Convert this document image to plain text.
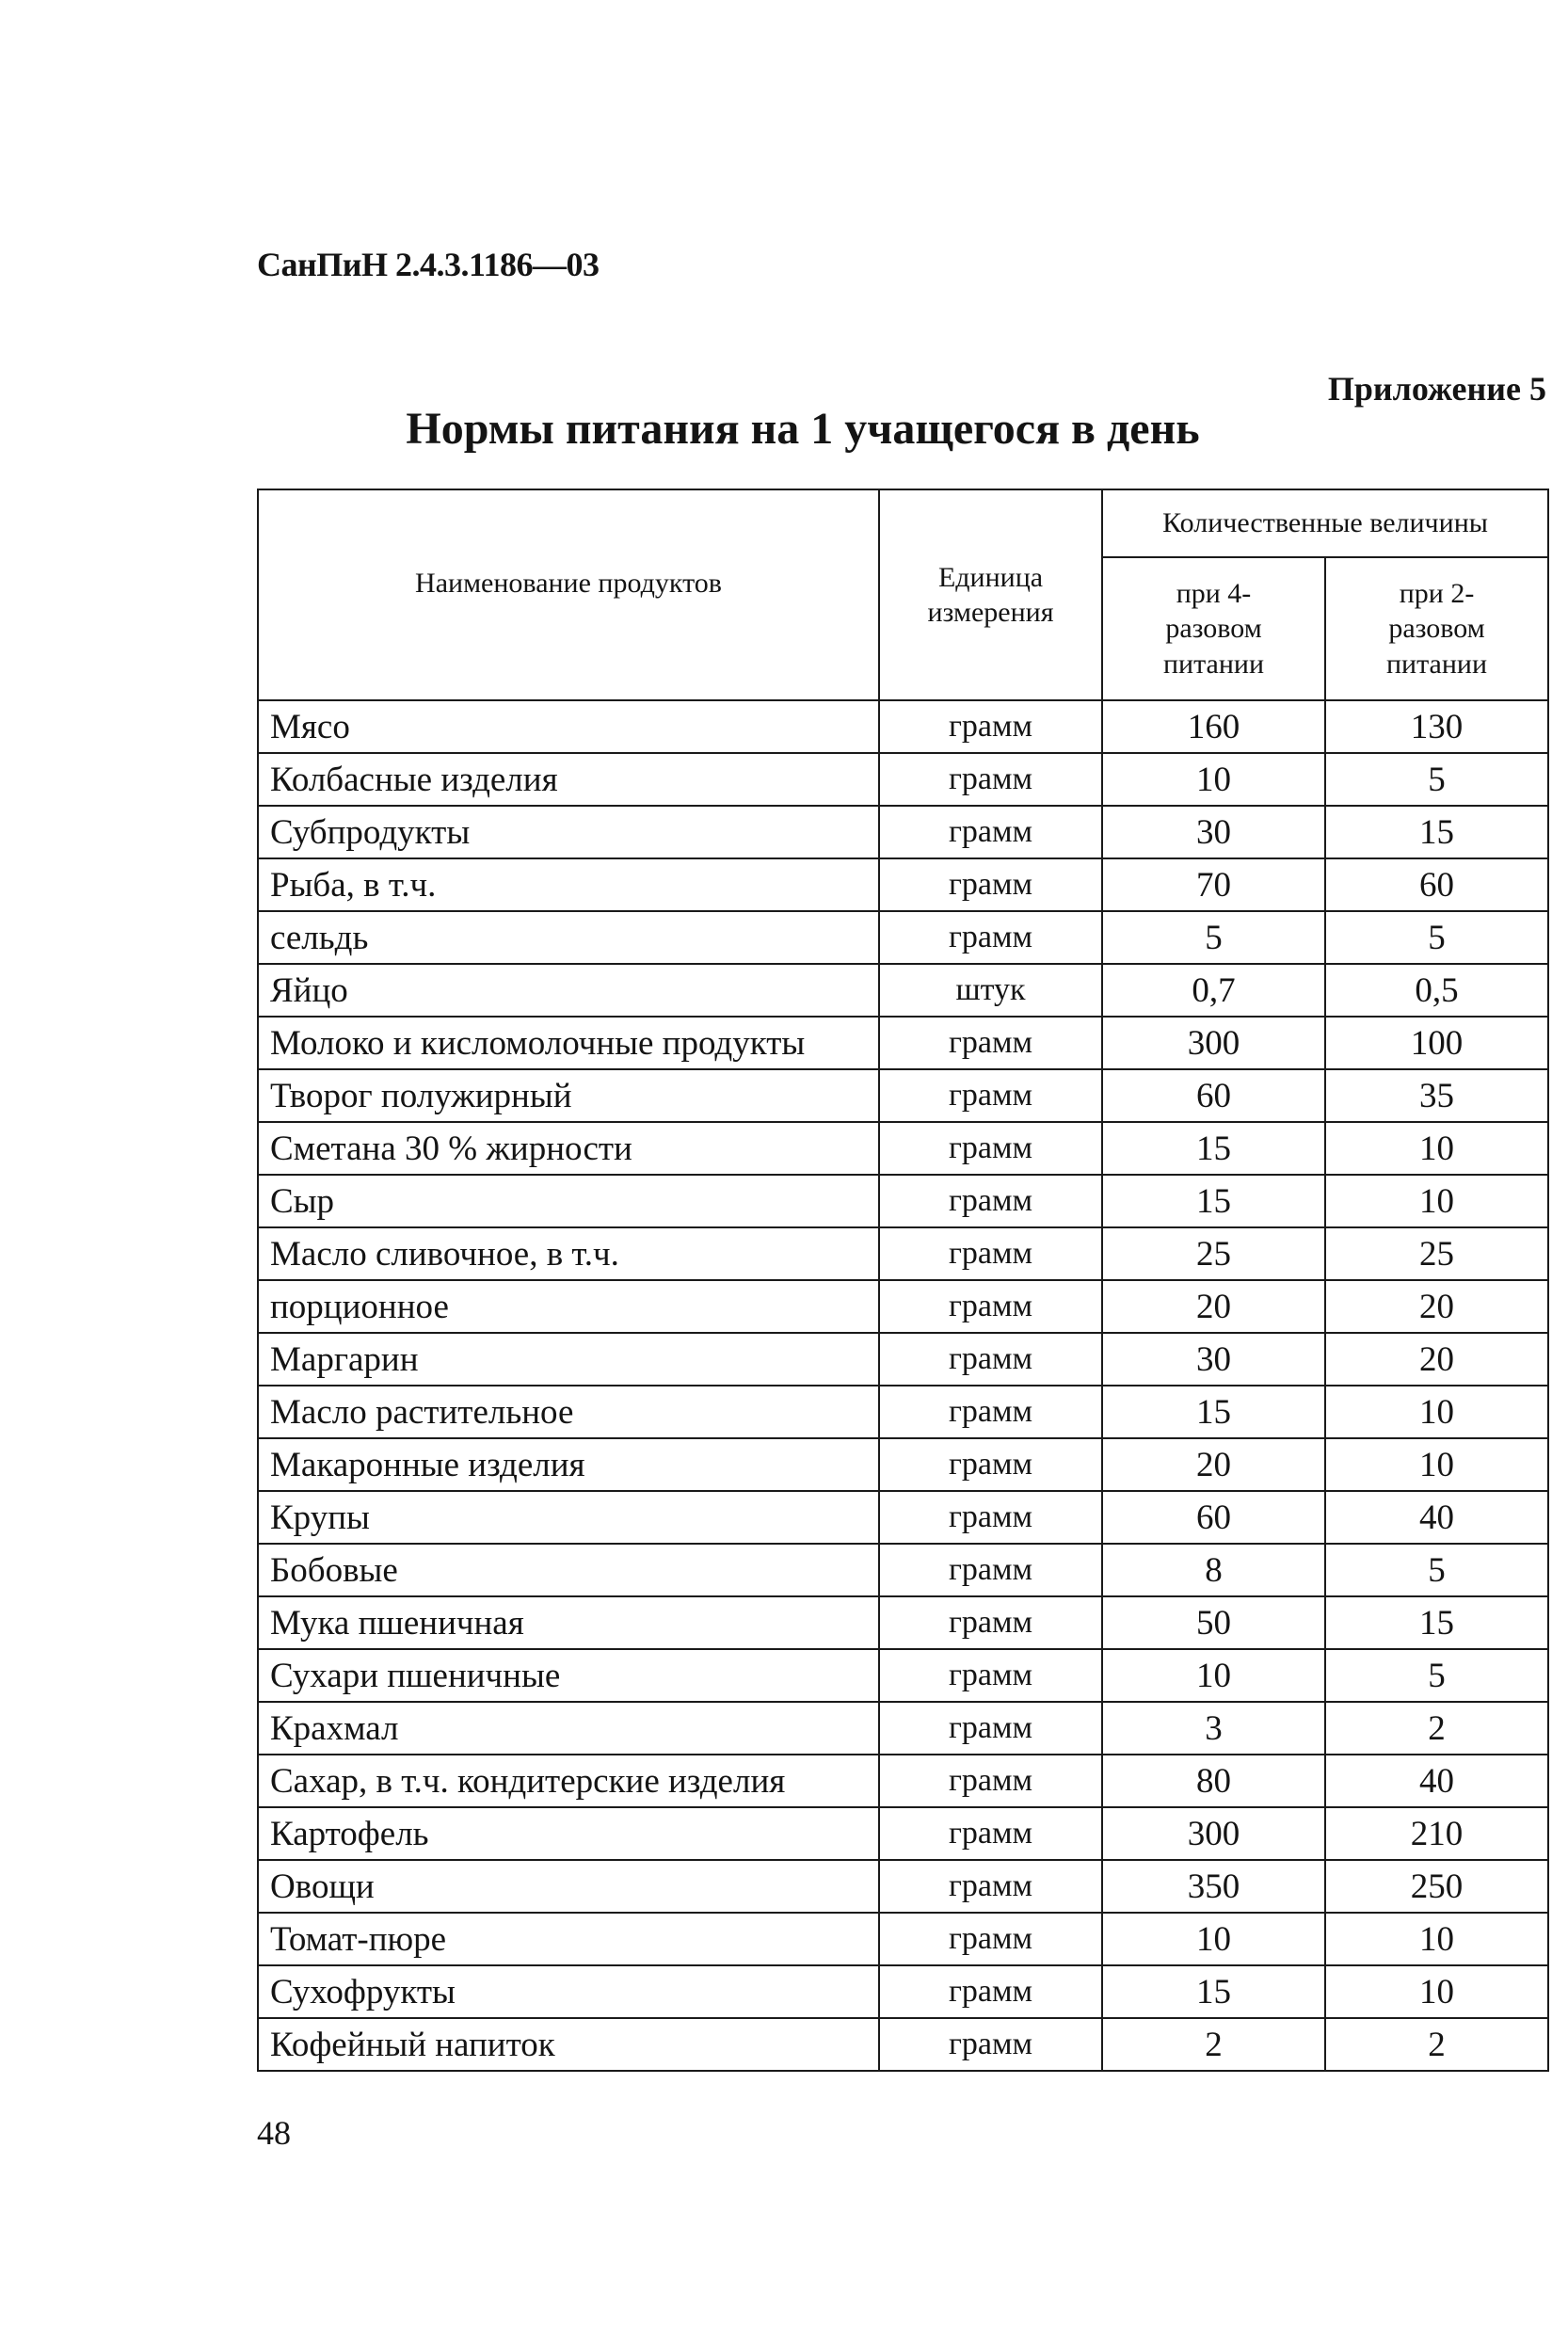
СанПиН 2.4.3.1186—03
Приложение 5
Нормы питания на 1 учащегося в день
Наименование продуктов	Единица измерения	Количественные величины	
		при 4-разовом питании	при 2-разовом питании
Мясо	грамм	160	130
Колбасные изделия	грамм	10	5
Субпродукты	грамм	30	15
Рыба, в т.ч.	грамм	70	60
сельдь	грамм	5	5
Яйцо	штук	0,7	0,5
Молоко и кисломолочные продукты	грамм	300	100
Творог полужирный	грамм	60	35
Сметана 30 % жирности	грамм	15	10
Сыр	грамм	15	10
Масло сливочное, в т.ч.	грамм	25	25
порционное	грамм	20	20
Маргарин	грамм	30	20
Масло растительное	грамм	15	10
Макаронные изделия	грамм	20	10
Крупы	грамм	60	40
Бобовые	грамм	8	5
Мука пшеничная	грамм	50	15
Сухари пшеничные	грамм	10	5
Крахмал	грамм	3	2
Сахар, в т.ч. кондитерские изделия	грамм	80	40
Картофель	грамм	300	210
Овощи	грамм	350	250
Томат-пюре	грамм	10	10
Сухофрукты	грамм	15	10
Кофейный напиток	грамм	2	2
48
